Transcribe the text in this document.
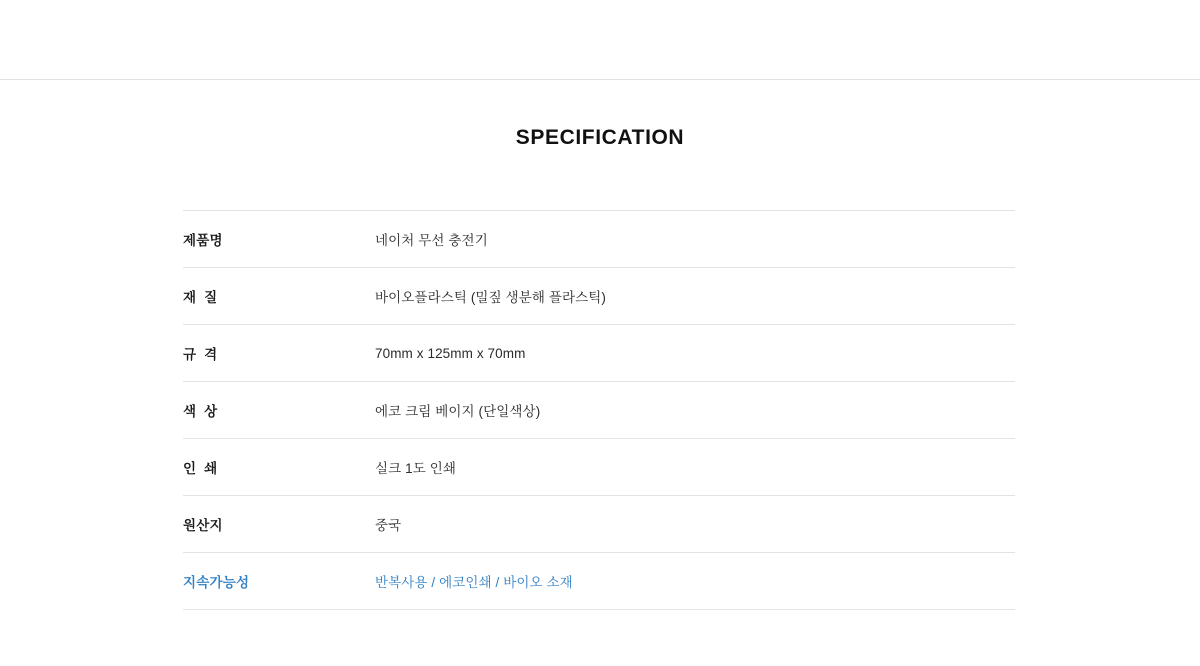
SPECIFICATION
제품명	네이처 무선 충전기
재  질	바이오플라스틱 (밀짚 생분해 플라스틱)
규  격	70mm x 125mm x 70mm
색  상	에코 크림 베이지 (단일색상)
인  쇄	실크 1도 인쇄
원산지	중국
지속가능성	반복사용 / 에코인쇄 / 바이오 소재
